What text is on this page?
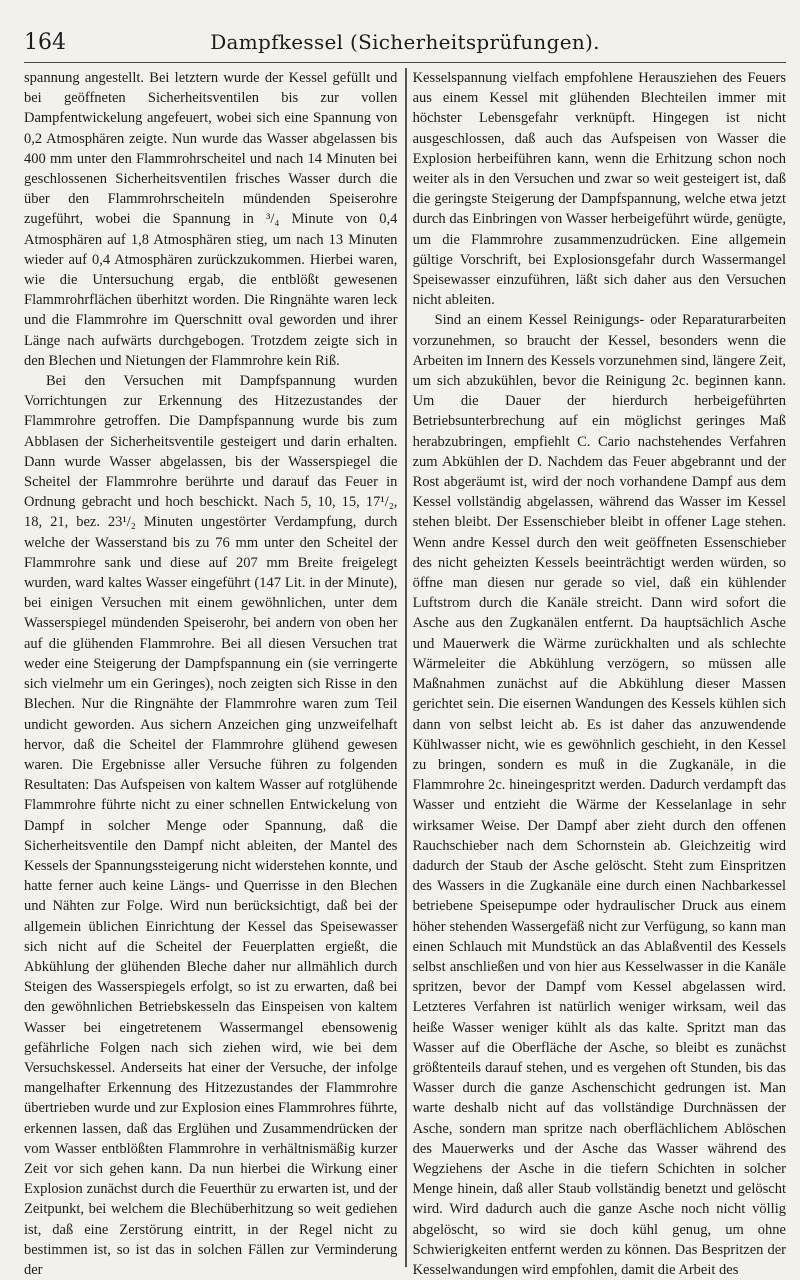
164	Dampfkessel (Sicherheitsprüfungen).

spannung angestellt. Bei letztern wurde der Kessel gefüllt und bei geöffneten Sicherheitsventilen bis zur vollen Dampfentwickelung angefeuert, wobei sich eine Spannung von 0,2 Atmosphären zeigte. Nun wurde das Wasser abgelassen bis 400 mm unter den Flammrohrscheitel und nach 14 Minuten bei geschlossenen Sicherheitsventilen frisches Wasser durch die über den Flammrohrscheiteln mündenden Speiserohre zugeführt, wobei die Spannung in ³/₄ Minute von 0,4 Atmosphären auf 1,8 Atmosphären stieg, um nach 13 Minuten wieder auf 0,4 Atmosphären zurückzukommen. Hierbei waren, wie die Untersuchung ergab, die entblößt gewesenen Flammrohrflächen überhitzt worden. Die Ringnähte waren leck und die Flammrohre im Querschnitt oval geworden und ihrer Länge nach aufwärts durchgebogen. Trotzdem zeigte sich in den Blechen und Nietungen der Flammrohre kein Riß.

Bei den Versuchen mit Dampfspannung wurden Vorrichtungen zur Erkennung des Hitzezustandes der Flammrohre getroffen. Die Dampfspannung wurde bis zum Abblasen der Sicherheitsventile gesteigert und darin erhalten. Dann wurde Wasser abgelassen, bis der Wasserspiegel die Scheitel der Flammrohre berührte und darauf das Feuer in Ordnung gebracht und hoch beschickt. Nach 5, 10, 15, 17¹/₂, 18, 21, bez. 23¹/₂ Minuten ungestörter Verdampfung, durch welche der Wasserstand bis zu 76 mm unter den Scheitel der Flammrohre sank und diese auf 207 mm Breite freigelegt wurden, ward kaltes Wasser eingeführt (147 Lit. in der Minute), bei einigen Versuchen mit einem gewöhnlichen, unter dem Wasserspiegel mündenden Speiserohr, bei andern von oben her auf die glühenden Flammrohre. Bei all diesen Versuchen trat weder eine Steigerung der Dampfspannung ein (sie verringerte sich vielmehr um ein Geringes), noch zeigten sich Risse in den Blechen. Nur die Ringnähte der Flammrohre waren zum Teil undicht geworden. Aus sichern Anzeichen ging unzweifelhaft hervor, daß die Scheitel der Flammrohre glühend gewesen waren. Die Ergebnisse aller Versuche führen zu folgenden Resultaten: Das Aufspeisen von kaltem Wasser auf rotglühende Flammrohre führte nicht zu einer schnellen Entwickelung von Dampf in solcher Menge oder Spannung, daß die Sicherheitsventile den Dampf nicht ableiten, der Mantel des Kessels der Spannungssteigerung nicht widerstehen konnte, und hatte ferner auch keine Längs- und Querrisse in den Blechen und Nähten zur Folge. Wird nun berücksichtigt, daß bei der allgemein üblichen Einrichtung der Kessel das Speisewasser sich nicht auf die Scheitel der Feuerplatten ergießt, die Abkühlung der glühenden Bleche daher nur allmählich durch Steigen des Wasserspiegels erfolgt, so ist zu erwarten, daß bei den gewöhnlichen Betriebskesseln das Einspeisen von kaltem Wasser bei eingetretenem Wassermangel ebensowenig gefährliche Folgen nach sich ziehen wird, wie bei dem Versuchskessel. Anderseits hat einer der Versuche, der infolge mangelhafter Erkennung des Hitzezustandes der Flammrohre übertrieben wurde und zur Explosion eines Flammrohres führte, erkennen lassen, daß das Erglühen und Zusammendrücken der vom Wasser entblößten Flammrohre in verhältnismäßig kurzer Zeit vor sich gehen kann. Da nun hierbei die Wirkung einer Explosion zunächst durch die Feuerthür zu erwarten ist, und der Zeitpunkt, bei welchem die Blechüberhitzung so weit gediehen ist, daß eine Zerstörung eintritt, in der Regel nicht zu bestimmen ist, so ist das in solchen Fällen zur Verminderung der

Kesselspannung vielfach empfohlene Herausziehen des Feuers aus einem Kessel mit glühenden Blechteilen immer mit höchster Lebensgefahr verknüpft. Hingegen ist nicht ausgeschlossen, daß auch das Aufspeisen von Wasser die Explosion herbeiführen kann, wenn die Erhitzung schon noch weiter als in den Versuchen und zwar so weit gesteigert ist, daß die geringste Steigerung der Dampfspannung, welche etwa jetzt durch das Einbringen von Wasser herbeigeführt würde, genügte, um die Flammrohre zusammenzudrücken. Eine allgemein gültige Vorschrift, bei Explosionsgefahr durch Wassermangel Speisewasser einzuführen, läßt sich daher aus den Versuchen nicht ableiten.

Sind an einem Kessel Reinigungs- oder Reparaturarbeiten vorzunehmen, so braucht der Kessel, besonders wenn die Arbeiten im Innern des Kessels vorzunehmen sind, längere Zeit, um sich abzukühlen, bevor die Reinigung 2c. beginnen kann. Um die Dauer der hierdurch herbeigeführten Betriebsunterbrechung auf ein möglichst geringes Maß herabzubringen, empfiehlt C. Cario nachstehendes Verfahren zum Abkühlen der D. Nachdem das Feuer abgebrannt und der Rost abgeräumt ist, wird der noch vorhandene Dampf aus dem Kessel vollständig abgelassen, während das Wasser im Kessel stehen bleibt. Der Essenschieber bleibt in offener Lage stehen. Wenn andre Kessel durch den weit geöffneten Essenschieber des nicht geheizten Kessels beeinträchtigt werden würden, so öffne man diesen nur gerade so viel, daß ein kühlender Luftstrom durch die Kanäle streicht. Dann wird sofort die Asche aus den Zugkanälen entfernt. Da hauptsächlich Asche und Mauerwerk die Wärme zurückhalten und als schlechte Wärmeleiter die Abkühlung verzögern, so müssen alle Maßnahmen zunächst auf die Abkühlung dieser Massen gerichtet sein. Die eisernen Wandungen des Kessels kühlen sich dann von selbst leicht ab. Es ist daher das anzuwendende Kühlwasser nicht, wie es gewöhnlich geschieht, in den Kessel zu bringen, sondern es muß in die Zugkanäle, in die Flammrohre 2c. hineingespritzt werden. Dadurch verdampft das Wasser und entzieht die Wärme der Kesselanlage in sehr wirksamer Weise. Der Dampf aber zieht durch den offenen Rauchschieber nach dem Schornstein ab. Gleichzeitig wird dadurch der Staub der Asche gelöscht. Steht zum Einspritzen des Wassers in die Zugkanäle eine durch einen Nachbarkessel betriebene Speisepumpe oder hydraulischer Druck aus einem höher stehenden Wassergefäß nicht zur Verfügung, so kann man einen Schlauch mit Mundstück an das Ablaßventil des Kessels selbst anschließen und von hier aus Kesselwasser in die Kanäle spritzen, bevor der Dampf vom Kessel abgelassen wird. Letzteres Verfahren ist natürlich weniger wirksam, weil das heiße Wasser weniger kühlt als das kalte. Spritzt man das Wasser auf die Oberfläche der Asche, so bleibt es zunächst größtenteils darauf stehen, und es vergehen oft Stunden, bis das Wasser durch die ganze Aschenschicht gedrungen ist. Man warte deshalb nicht auf das vollständige Durchnässen der Asche, sondern man spritze nach oberflächlichem Ablöschen des Mauerwerks und der Asche das Wasser während des Wegziehens der Asche in die tiefern Schichten in solcher Menge hinein, daß aller Staub vollständig benetzt und gelöscht wird. Wird dadurch auch die ganze Asche noch nicht völlig abgelöscht, so wird sie doch kühl genug, um ohne Schwierigkeiten entfernt werden zu können. Das Bespritzen der Kesselwandungen wird empfohlen, damit die Arbeit des
